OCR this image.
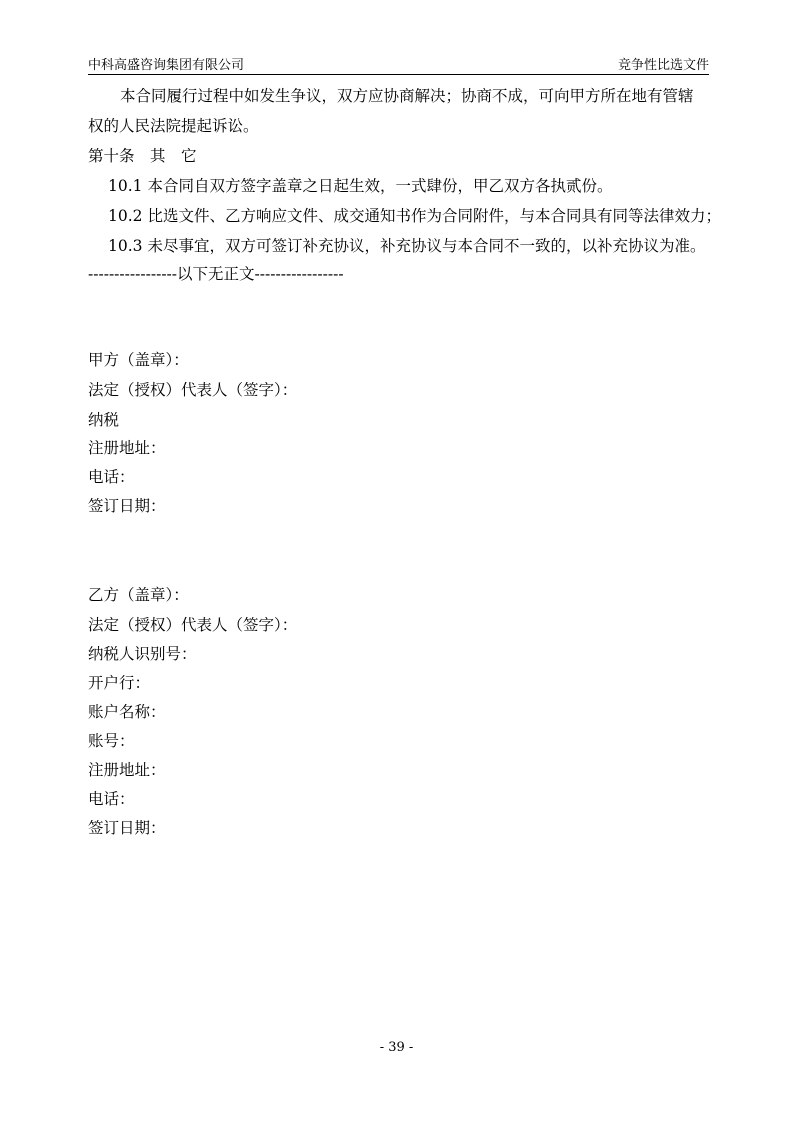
中科高盛咨询集团有限公司	竞争性比选文件
本合同履行过程中如发生争议，双方应协商解决；协商不成，可向甲方所在地有管辖
权的人民法院提起诉讼。
第十条　其　它
10.1 本合同自双方签字盖章之日起生效，一式肆份，甲乙双方各执贰份。
10.2 比选文件、乙方响应文件、成交通知书作为合同附件，与本合同具有同等法律效力；
10.3 未尽事宜，双方可签订补充协议，补充协议与本合同不一致的，以补充协议为准。
-----------------以下无正文-----------------
甲方（盖章）：
法定（授权）代表人（签字）：
纳税
注册地址：
电话：
签订日期：
乙方（盖章）：
法定（授权）代表人（签字）：
纳税人识别号：
开户行：
账户名称：
账号：
注册地址：
电话：
签订日期：
- 39 -
